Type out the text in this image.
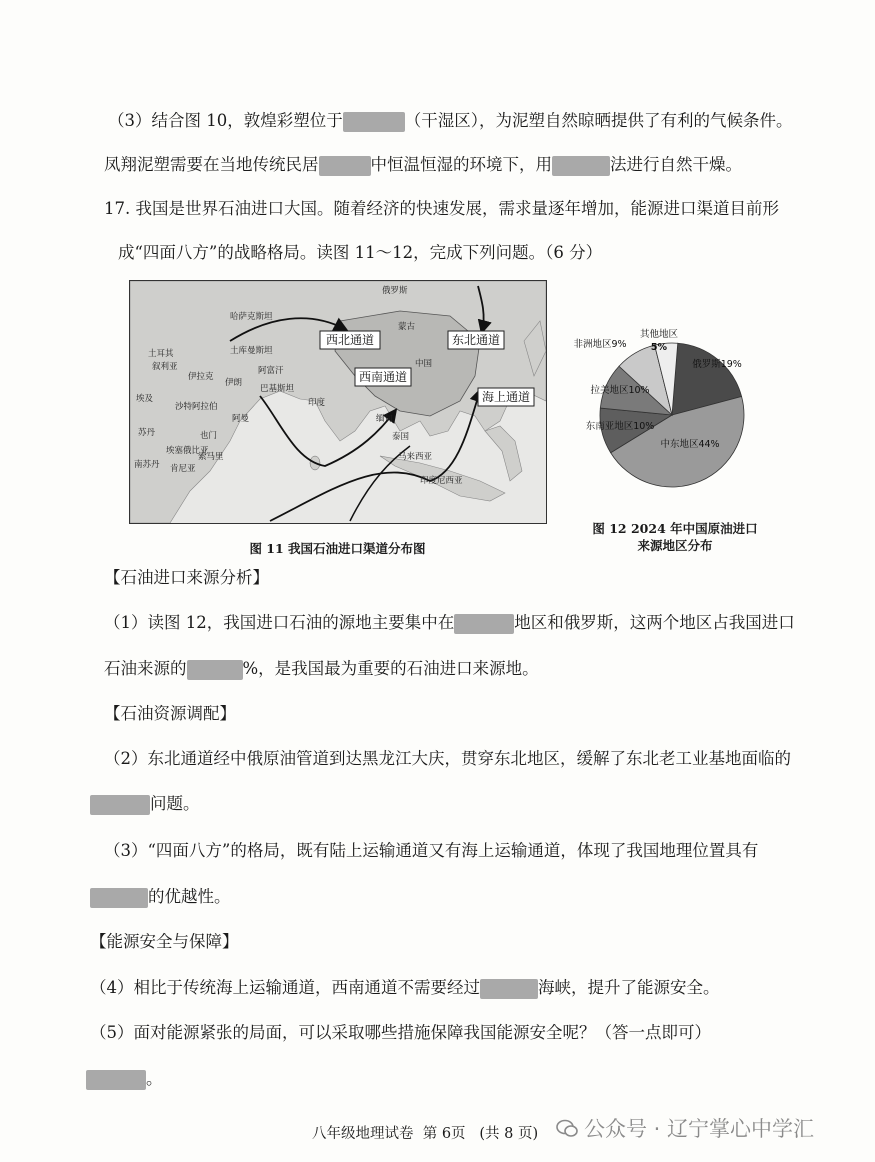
（3）结合图 10，敦煌彩塑位于	（干湿区），为泥塑自然晾晒提供了有利的气候条件。
凤翔泥塑需要在当地传统民居	中恒温恒湿的环境下，用	法进行自然干燥。
17. 我国是世界石油进口大国。随着经济的快速发展，需求量逐年增加，能源进口渠道目前形
成“四面八方”的战略格局。读图 11～12，完成下列问题。（6 分）
西北通道	东北通道
西南通道
海上通道
俄罗斯
哈萨克斯坦
蒙古
中国
土耳其
叙利亚
伊拉克
伊朗
土库曼斯坦
阿富汗
巴基斯坦
印度
沙特阿拉伯
埃及
苏丹	也门
阿曼
埃塞俄比亚
肯尼亚
索马里
缅甸
泰国
马来西亚
印度尼西亚
南苏丹
图 11 我国石油进口渠道分布图
俄罗斯19%
中东地区44%
东南亚地区10%
拉美地区10%
非洲地区9%
其他地区
5%
图 12 2024 年中国原油进口
来源地区分布
【石油进口来源分析】
（1）读图 12，我国进口石油的源地主要集中在	地区和俄罗斯，这两个地区占我国进口
石油来源的	%，是我国最为重要的石油进口来源地。
【石油资源调配】
（2）东北通道经中俄原油管道到达黑龙江大庆，贯穿东北地区，缓解了东北老工业基地面临的
问题。
（3）“四面八方”的格局，既有陆上运输通道又有海上运输通道，体现了我国地理位置具有
的优越性。
【能源安全与保障】
（4）相比于传统海上运输通道，西南通道不需要经过	海峡，提升了能源安全。
（5）面对能源紧张的局面，可以采取哪些措施保障我国能源安全呢？（答一点即可）
。
八年级地理试卷  第 6页   (共 8 页)	公众号 · 辽宁掌心中学汇
